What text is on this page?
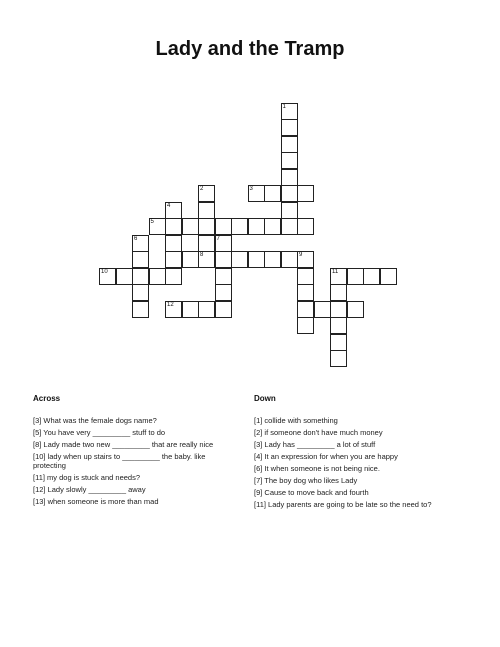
Lady and the Tramp
1
2
8
3
4
5
6	7
9
10	11
12
Across
[3] What was the female dogs name?
[5] You have very _________ stuff to do
[8] Lady made two new _________ that are really nice
[10] lady when up stairs to _________ the baby. like protecting
[11] my dog is stuck and needs?
[12] Lady slowly _________ away
[13] when someone is more than mad
Down
[1] collide with something
[2] if someone don't have much money
[3] Lady has _________ a lot of stuff
[4] It an expression for when you are happy
[6] It when someone is not being nice.
[7] The boy dog who likes Lady
[9] Cause to move back and fourth
[11] Lady parents are going to be late so the need to?
